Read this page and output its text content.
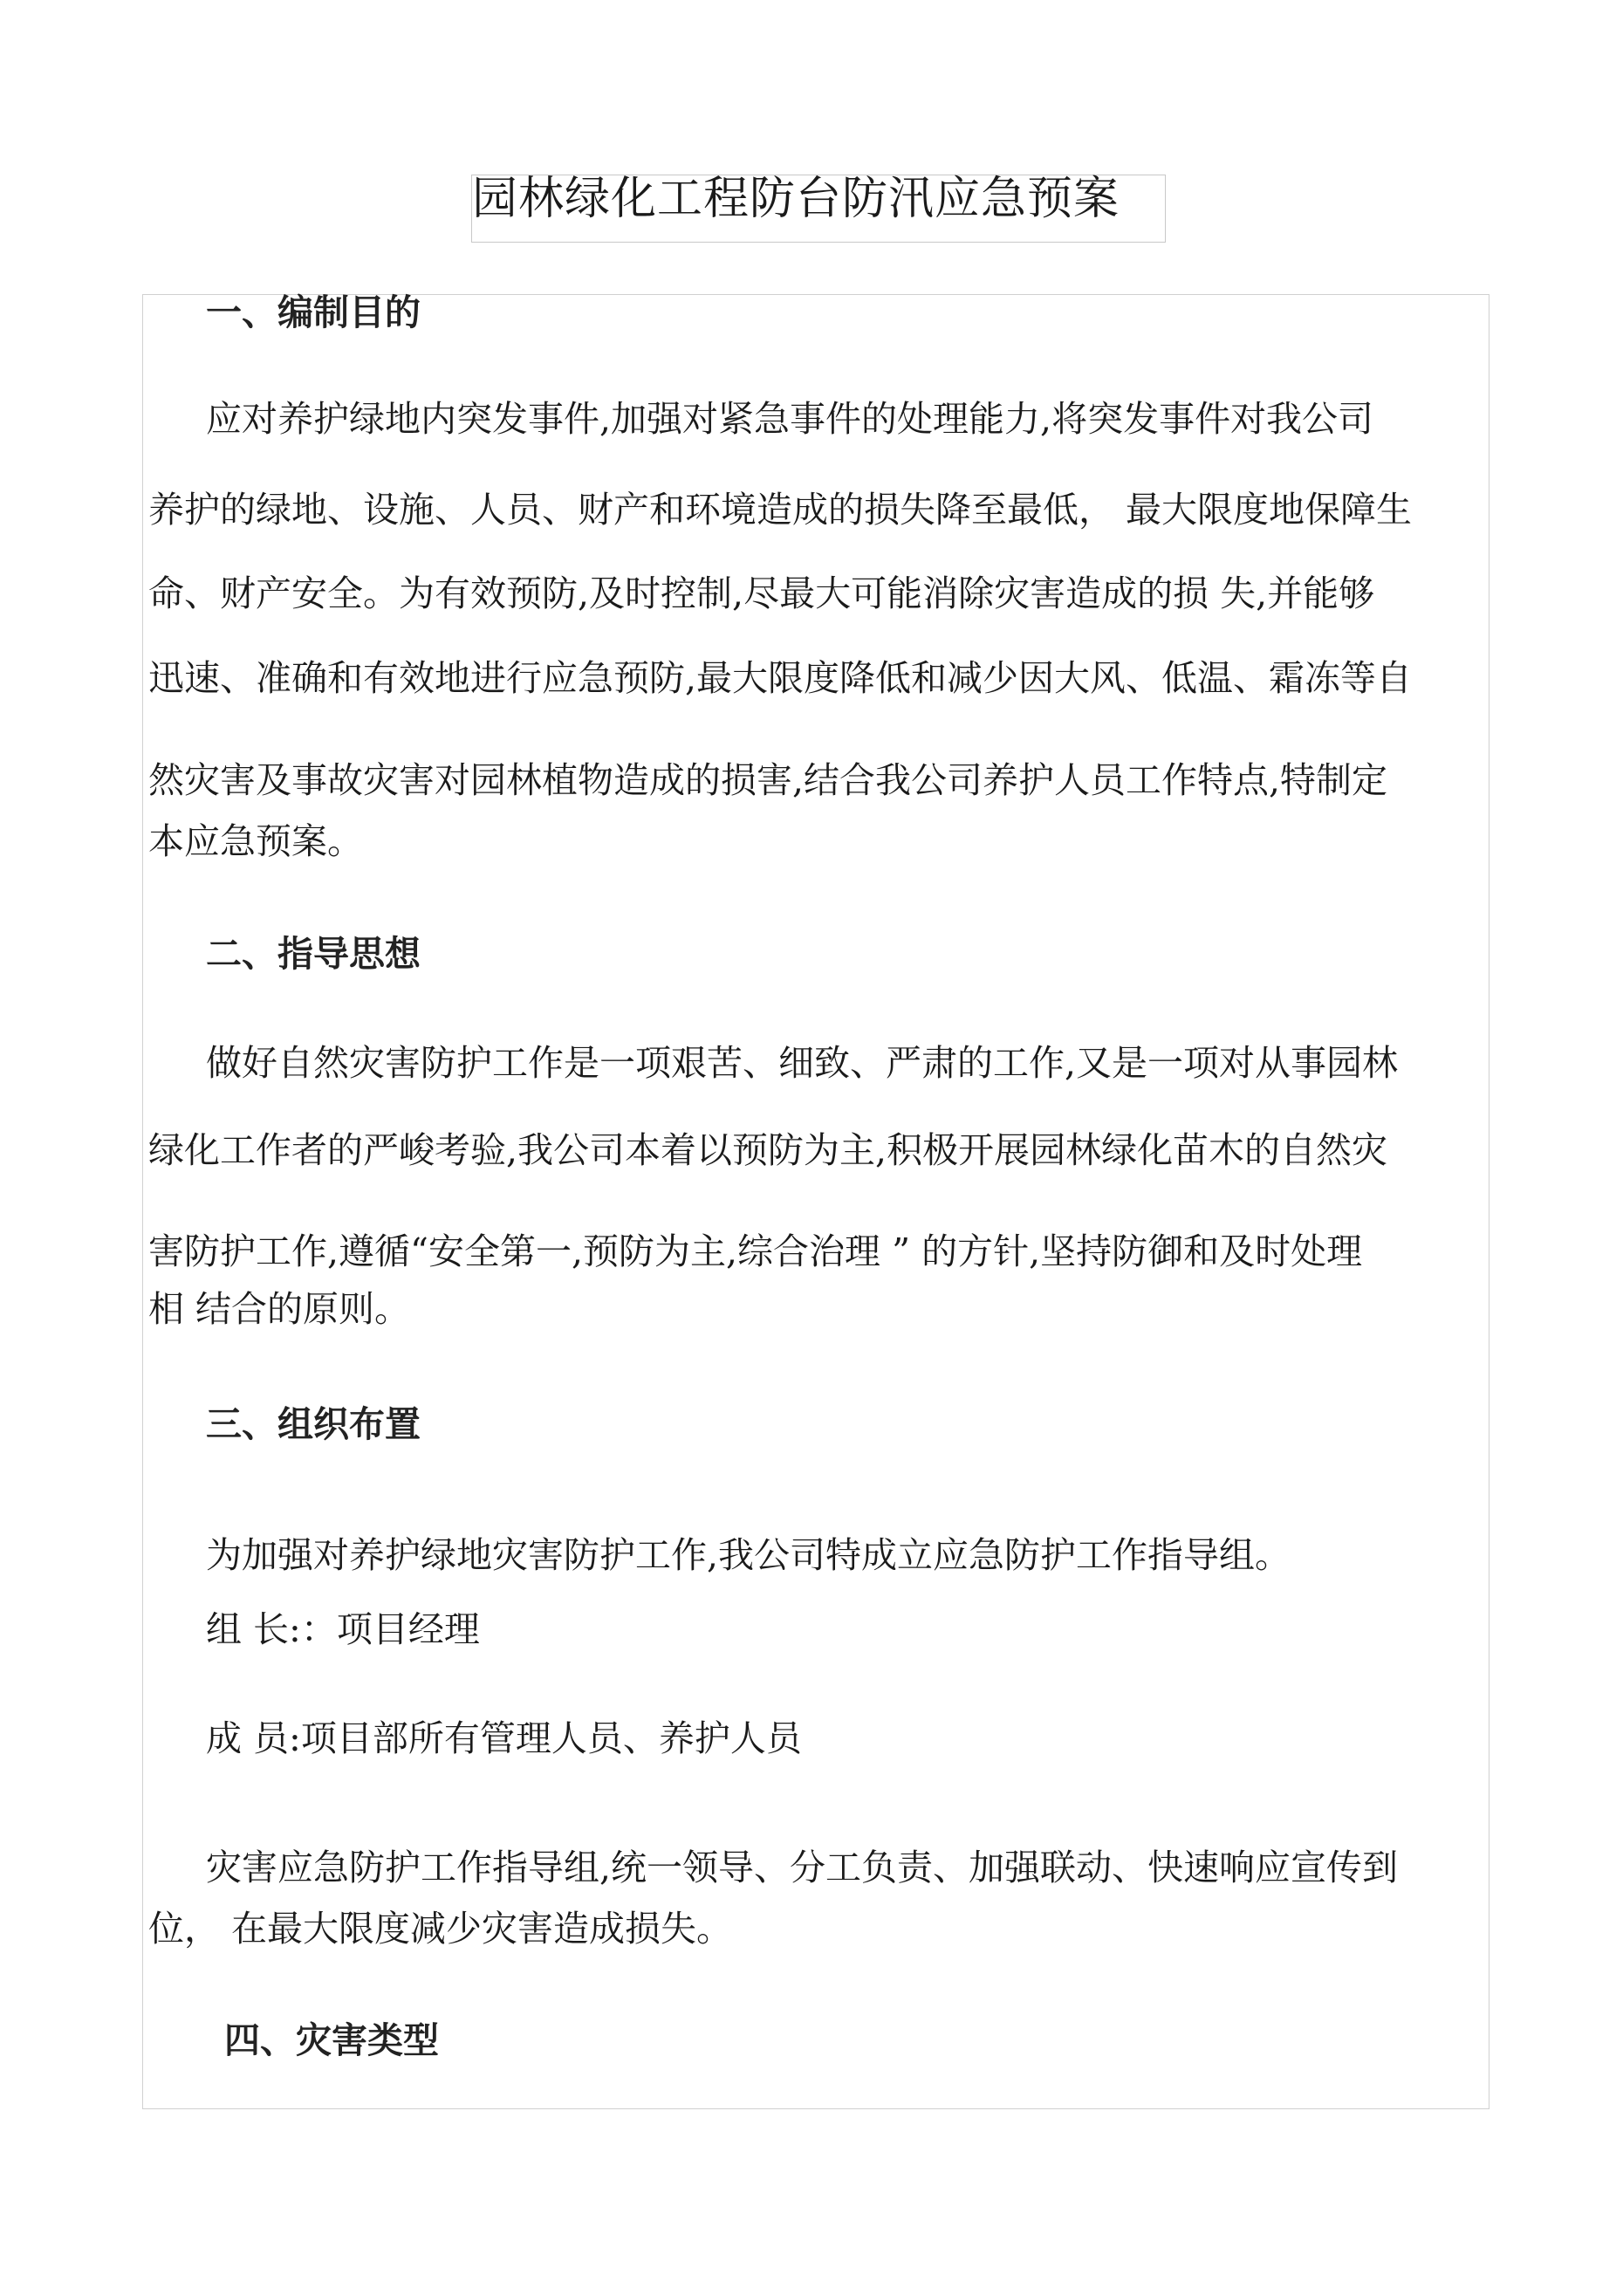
园林绿化工程防台防汛应急预案
一、编制目的
应对养护绿地内突发事件,加强对紧急事件的处理能力,将突发事件对我公司
养护的绿地、设施、人员、财产和环境造成的损失降至最低， 最大限度地保障生
命、财产安全。为有效预防,及时控制,尽最大可能消除灾害造成的损 失,并能够
迅速、准确和有效地进行应急预防,最大限度降低和减少因大风、低温、霜冻等自
然灾害及事故灾害对园林植物造成的损害,结合我公司养护人员工作特点,特制定
本应急预案。
二、指导思想
做好自然灾害防护工作是一项艰苦、细致、严肃的工作,又是一项对从事园林
绿化工作者的严峻考验,我公司本着以预防为主,积极开展园林绿化苗木的自然灾
害防护工作,遵循“安全第一,预防为主,综合治理 ” 的方针,坚持防御和及时处理
相 结合的原则。
三、组织布置
为加强对养护绿地灾害防护工作,我公司特成立应急防护工作指导组。
组 长:：项目经理
成 员:项目部所有管理人员、养护人员
灾害应急防护工作指导组,统一领导、分工负责、加强联动、快速响应宣传到
位， 在最大限度减少灾害造成损失。
四、灾害类型
